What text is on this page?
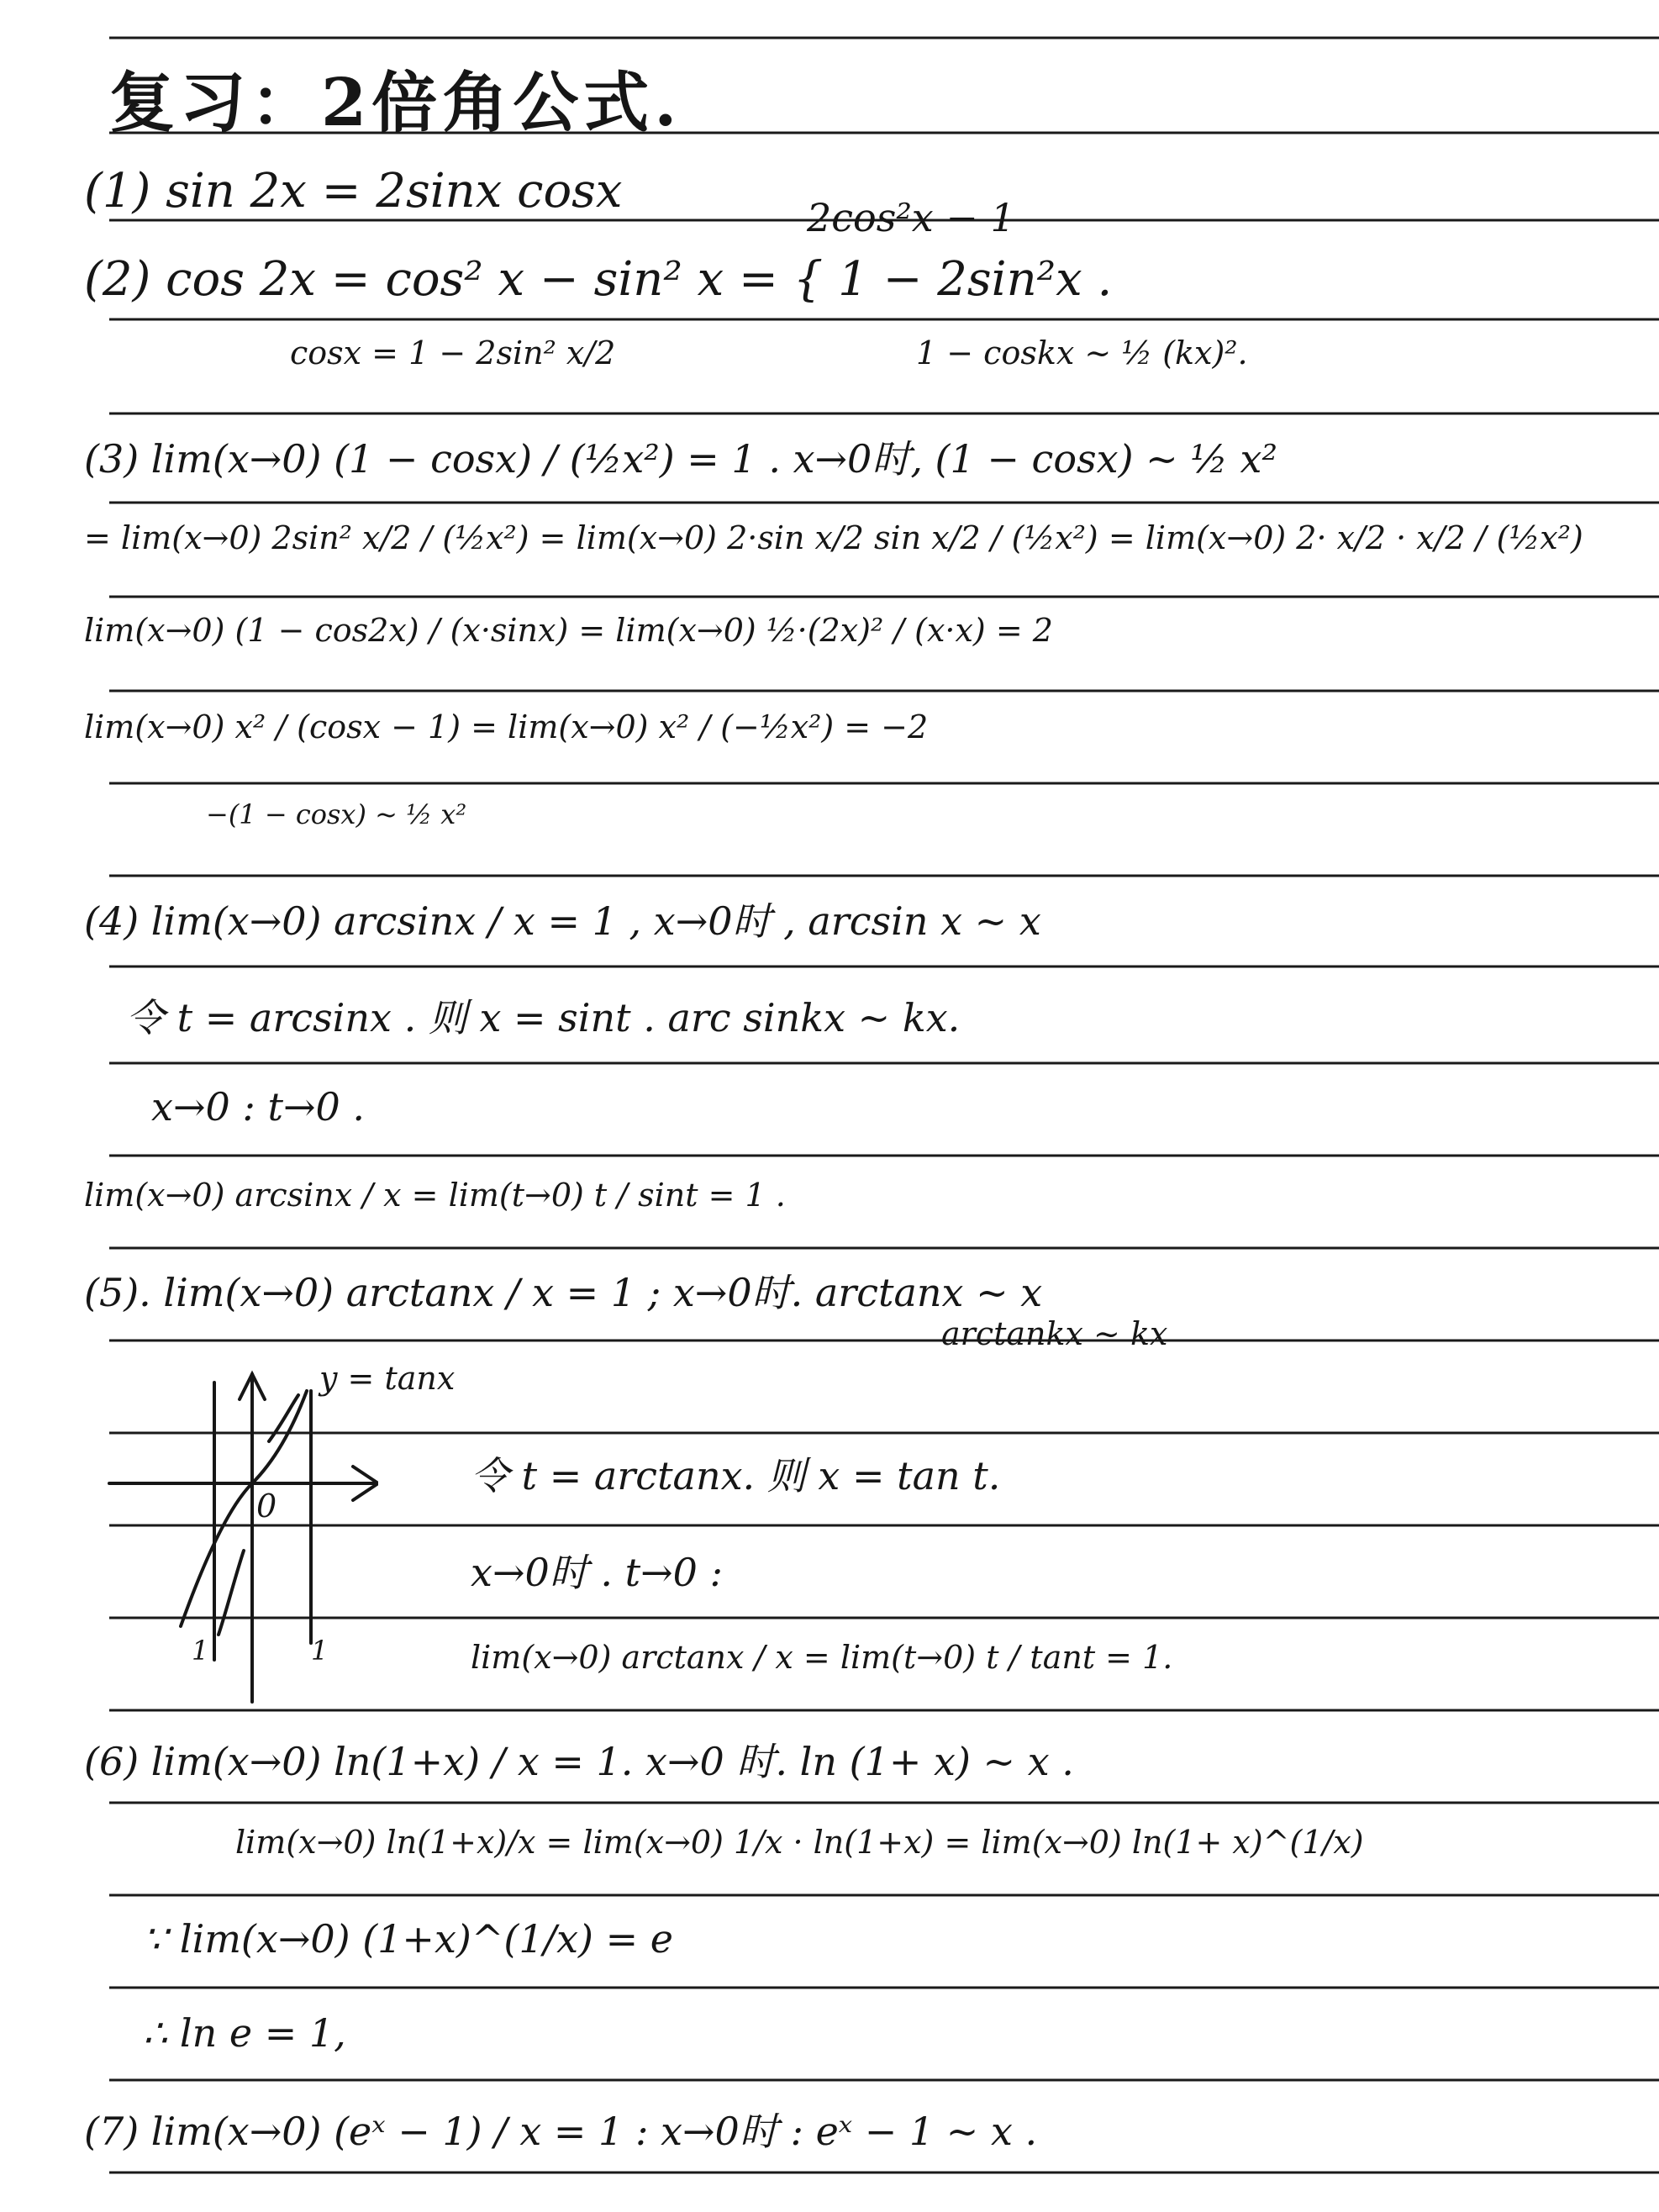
复习：2倍角公式.
2cos²x − 1
(1) sin 2x = 2sinx cosx
(2) cos 2x = cos² x − sin² x = { 1 − 2sin²x .
cosx = 1 − 2sin² x/2	1 − coskx ~ ½ (kx)².
(3) lim(x→0) (1 − cosx) / (½x²) = 1 . x→0时, (1 − cosx) ~ ½ x²
= lim(x→0) 2sin² x/2 / (½x²) = lim(x→0) 2·sin x/2 sin x/2 / (½x²) = lim(x→0) 2· x/2 · x/2 / (½x²)
lim(x→0) (1 − cos2x) / (x·sinx) = lim(x→0) ½·(2x)² / (x·x) = 2
lim(x→0) x² / (cosx − 1) = lim(x→0) x² / (−½x²) = −2
−(1 − cosx) ~ ½ x²
(4) lim(x→0) arcsinx / x = 1 , x→0时 , arcsin x ~ x
令 t = arcsinx . 则 x = sint . arc sinkx ~ kx.
x→0 : t→0 .
lim(x→0) arcsinx / x = lim(t→0) t / sint = 1 .
(5). lim(x→0) arctanx / x = 1 ; x→0时. arctanx ~ x
arctankx ~ kx
y = tanx
0
1	1
令 t = arctanx. 则 x = tan t.
x→0时 . t→0 :
lim(x→0) arctanx / x = lim(t→0) t / tant = 1.
(6) lim(x→0) ln(1+x) / x = 1. x→0 时. ln (1+ x) ~ x .
lim(x→0) ln(1+x)/x = lim(x→0) 1/x · ln(1+x) = lim(x→0) ln(1+ x)^(1/x)
∵ lim(x→0) (1+x)^(1/x) = e
∴ ln e = 1,
(7) lim(x→0) (eˣ − 1) / x = 1 : x→0时 : eˣ − 1 ~ x .
